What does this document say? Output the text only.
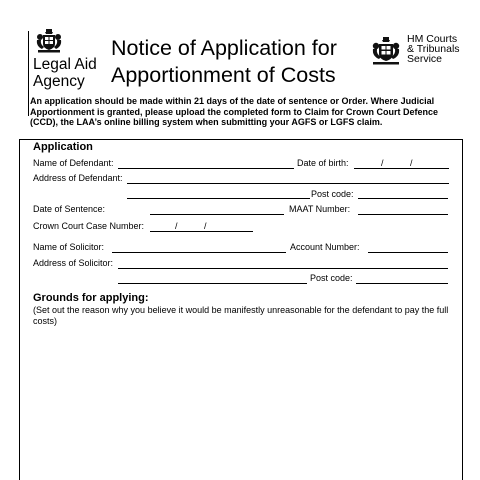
Legal Aid
Agency
Notice of Application for
Apportionment of Costs
HM Courts
& Tribunals
Service
An application should be made within 21 days of the date of sentence or Order. Where Judicial Apportionment is granted, please upload the completed form to Claim for Crown Court Defence (CCD), the LAA’s online billing system when submitting your AGFS or LGFS claim.
Application
Name of Defendant:	Date of birth:	/	/
Address of Defendant:
Post code:
Date of Sentence:	MAAT Number:
Crown Court Case Number:	/	/
Name of Solicitor:	Account Number:
Address of Solicitor:
Post code:
Grounds for applying:
(Set out the reason why you believe it would be manifestly unreasonable for the defendant to pay the full costs)
